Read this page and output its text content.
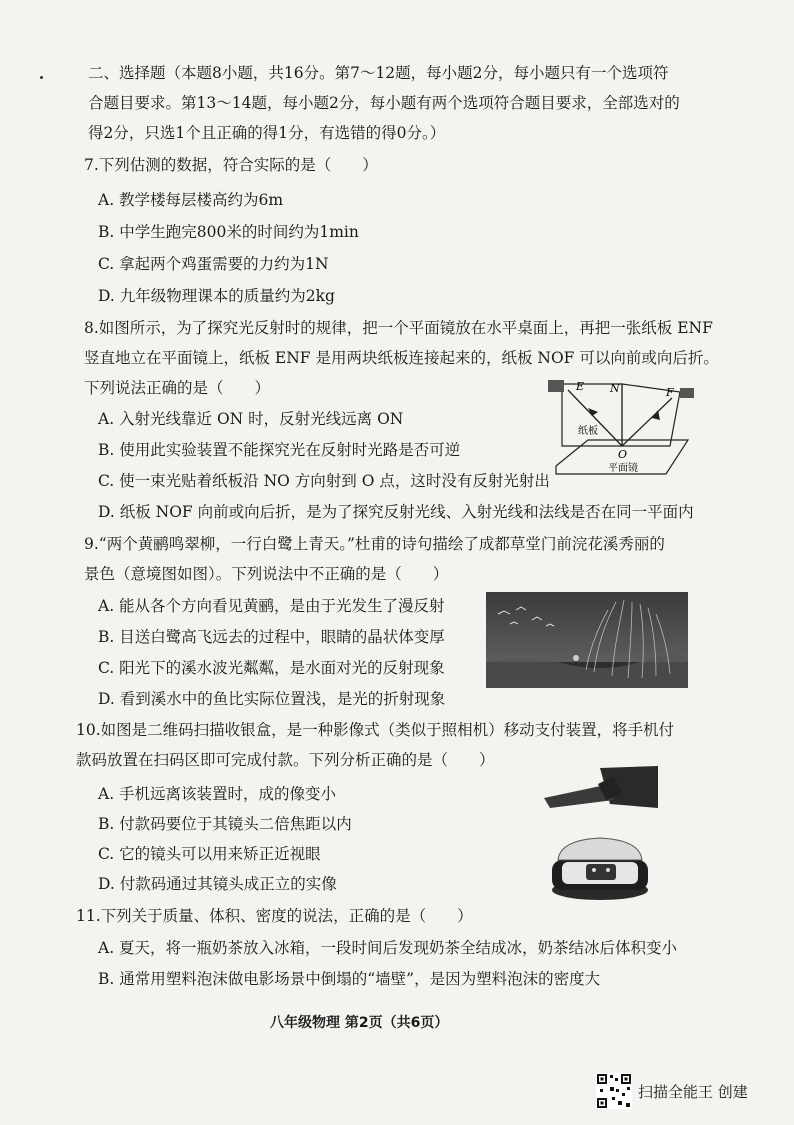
二、选择题（本题8小题，共16分。第7～12题，每小题2分，每小题只有一个选项符
合题目要求。第13～14题，每小题2分，每小题有两个选项符合题目要求，全部选对的
得2分，只选1个且正确的得1分，有选错的得0分。）
7.下列估测的数据，符合实际的是（　　）
A. 教学楼每层楼高约为6m
B. 中学生跑完800米的时间约为1min
C. 拿起两个鸡蛋需要的力约为1N
D. 九年级物理课本的质量约为2kg
8.如图所示，为了探究光反射时的规律，把一个平面镜放在水平桌面上，再把一张纸板 ENF
竖直地立在平面镜上，纸板 ENF 是用两块纸板连接起来的，纸板 NOF 可以向前或向后折。
下列说法正确的是（　　）
A. 入射光线靠近 ON 时，反射光线远离 ON
B. 使用此实验装置不能探究光在反射时光路是否可逆
C. 使一束光贴着纸板沿 NO 方向射到 O 点，这时没有反射光射出
D. 纸板 NOF 向前或向后折，是为了探究反射光线、入射光线和法线是否在同一平面内
E N	F
O
纸板
平面镜
9.“两个黄鹂鸣翠柳，一行白鹭上青天。”杜甫的诗句描绘了成都草堂门前浣花溪秀丽的
景色（意境图如图）。下列说法中不正确的是（　　）
A. 能从各个方向看见黄鹂，是由于光发生了漫反射
B. 目送白鹭高飞远去的过程中，眼睛的晶状体变厚
C. 阳光下的溪水波光粼粼，是水面对光的反射现象
D. 看到溪水中的鱼比实际位置浅，是光的折射现象
10.如图是二维码扫描收银盒，是一种影像式（类似于照相机）移动支付装置，将手机付
款码放置在扫码区即可完成付款。下列分析正确的是（　　）
A. 手机远离该装置时，成的像变小
B. 付款码要位于其镜头二倍焦距以内
C. 它的镜头可以用来矫正近视眼
D. 付款码通过其镜头成正立的实像
11.下列关于质量、体积、密度的说法，正确的是（　　）
A. 夏天，将一瓶奶茶放入冰箱，一段时间后发现奶茶全结成冰，奶茶结冰后体积变小
B. 通常用塑料泡沫做电影场景中倒塌的“墙壁”，是因为塑料泡沫的密度大
八年级物理 第2页（共6页）
扫描全能王 创建
